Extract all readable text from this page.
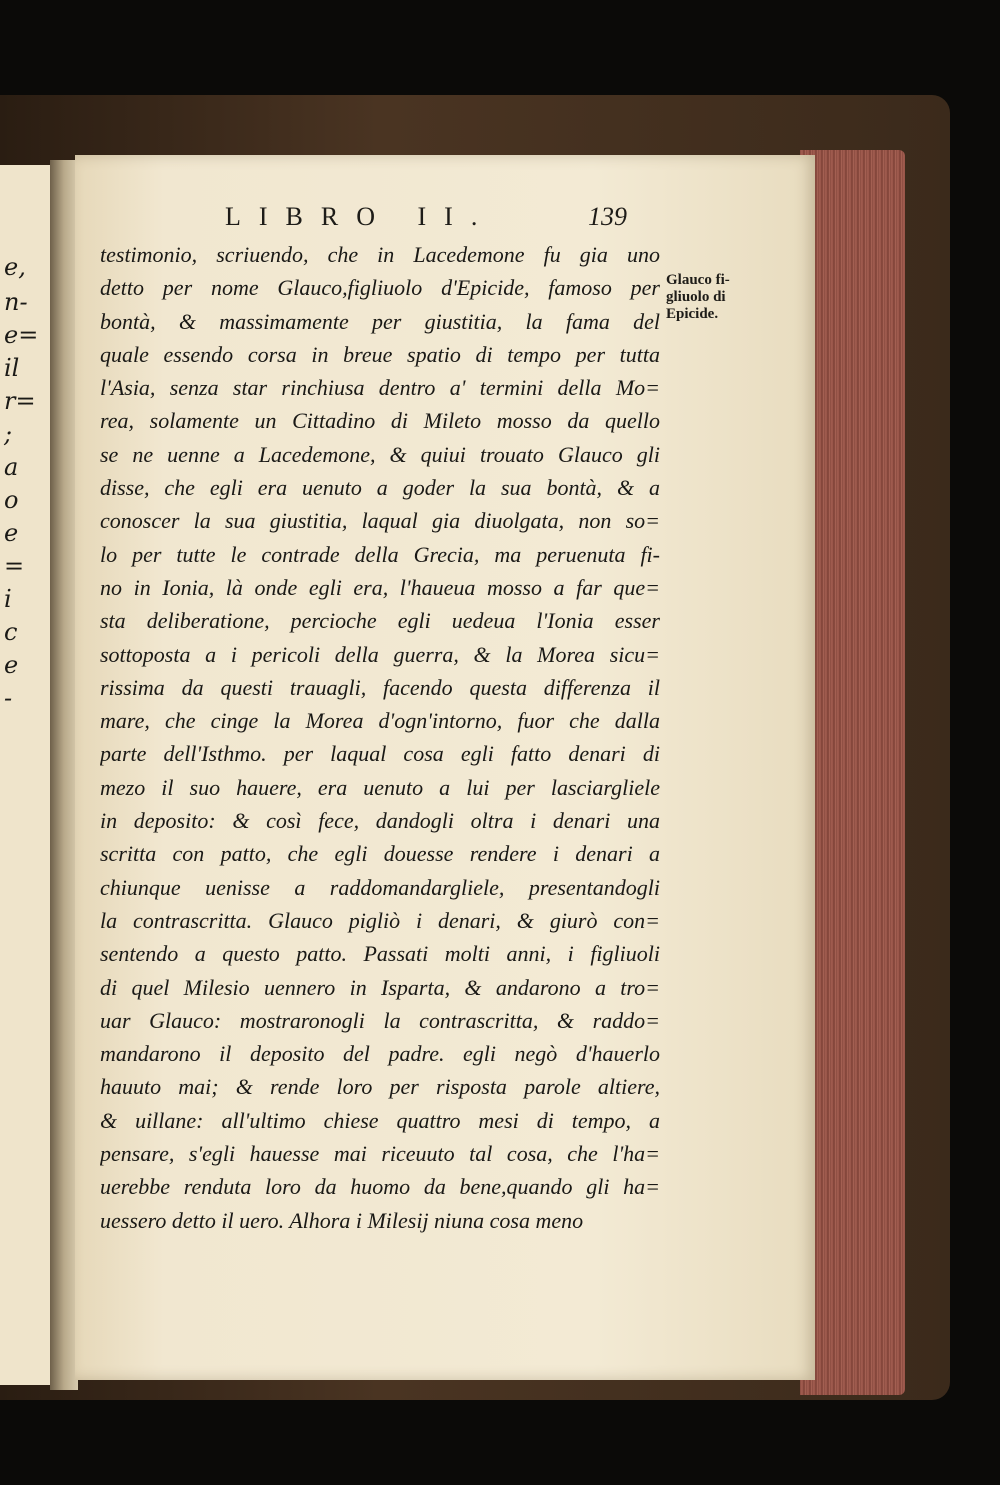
e,
n-
e=
il
r=
;
a
o
e
=
i
c
e
-
LIBRO II.	139
testimonio, scriuendo, che in Lacedemone fu gia uno
detto per nome Glauco,figliuolo d'Epicide, famoso per
bontà, & massimamente per giustitia, la fama del
quale essendo corsa in breue spatio di tempo per tutta
l'Asia, senza star rinchiusa dentro a' termini della Mo=
rea, solamente un Cittadino di Mileto mosso da quello
se ne uenne a Lacedemone, & quiui trouato Glauco gli
disse, che egli era uenuto a goder la sua bontà, & a
conoscer la sua giustitia, laqual gia diuolgata, non so=
lo per tutte le contrade della Grecia, ma peruenuta fi-
no in Ionia, là onde egli era, l'haueua mosso a far que=
sta deliberatione, percioche egli uedeua l'Ionia esser
sottoposta a i pericoli della guerra, & la Morea sicu=
rissima da questi trauagli, facendo questa differenza il
mare, che cinge la Morea d'ogn'intorno, fuor che dalla
parte dell'Isthmo. per laqual cosa egli fatto denari di
mezo il suo hauere, era uenuto a lui per lasciargliele
in deposito: & così fece, dandogli oltra i denari una
scritta con patto, che egli douesse rendere i denari a
chiunque uenisse a raddomandargliele, presentandogli
la contrascritta. Glauco pigliò i denari, & giurò con=
sentendo a questo patto. Passati molti anni, i figliuoli
di quel Milesio uennero in Isparta, & andarono a tro=
uar Glauco: mostraronogli la contrascritta, & raddo=
mandarono il deposito del padre. egli negò d'hauerlo
hauuto mai; & rende loro per risposta parole altiere,
& uillane: all'ultimo chiese quattro mesi di tempo, a
pensare, s'egli hauesse mai riceuuto tal cosa, che l'ha=
uerebbe renduta loro da huomo da bene,quando gli ha=
uessero detto il uero. Alhora i Milesij niuna cosa meno
Glauco fi-
gliuolo di
Epicide.
